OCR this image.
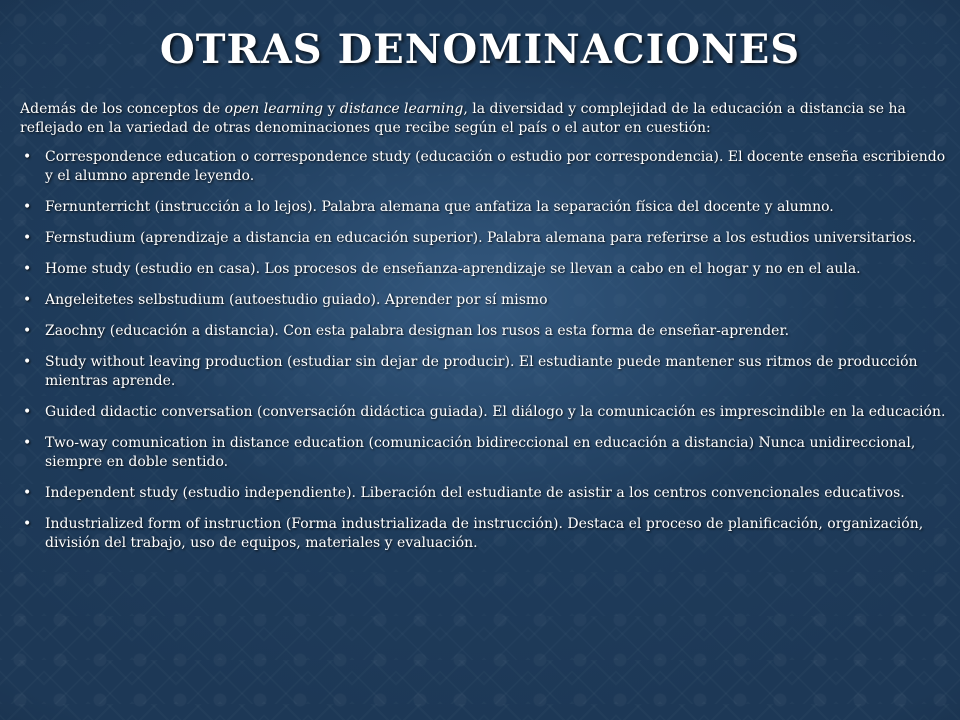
OTRAS DENOMINACIONES

Además de los conceptos de open learning y distance learning, la diversidad y complejidad de la educación a distancia se ha reflejado en la variedad de otras denominaciones que recibe según el país o el autor en cuestión:

• Correspondence education o correspondence study (educación o estudio por correspondencia). El docente enseña escribiendo y el alumno aprende leyendo.
• Fernunterricht (instrucción a lo lejos). Palabra alemana que anfatiza la separación física del docente y alumno.
• Fernstudium (aprendizaje a distancia en educación superior). Palabra alemana para referirse a los estudios universitarios.
• Home study (estudio en casa). Los procesos de enseñanza-aprendizaje se llevan a cabo en el hogar y no en el aula.
• Angeleitetes selbstudium (autoestudio guiado). Aprender por sí mismo
• Zaochny (educación a distancia). Con esta palabra designan los rusos a esta forma de enseñar-aprender.
• Study without leaving production (estudiar sin dejar de producir). El estudiante puede mantener sus ritmos de producción mientras aprende.
• Guided didactic conversation (conversación didáctica guiada). El diálogo y la comunicación es imprescindible en la educación.
• Two-way comunication in distance education (comunicación bidireccional en educación a distancia) Nunca unidireccional, siempre en doble sentido.
• Independent study (estudio independiente). Liberación del estudiante de asistir a los centros convencionales educativos.
• Industrialized form of instruction (Forma industrializada de instrucción). Destaca el proceso de planificación, organización, división del trabajo, uso de equipos, materiales y evaluación.
